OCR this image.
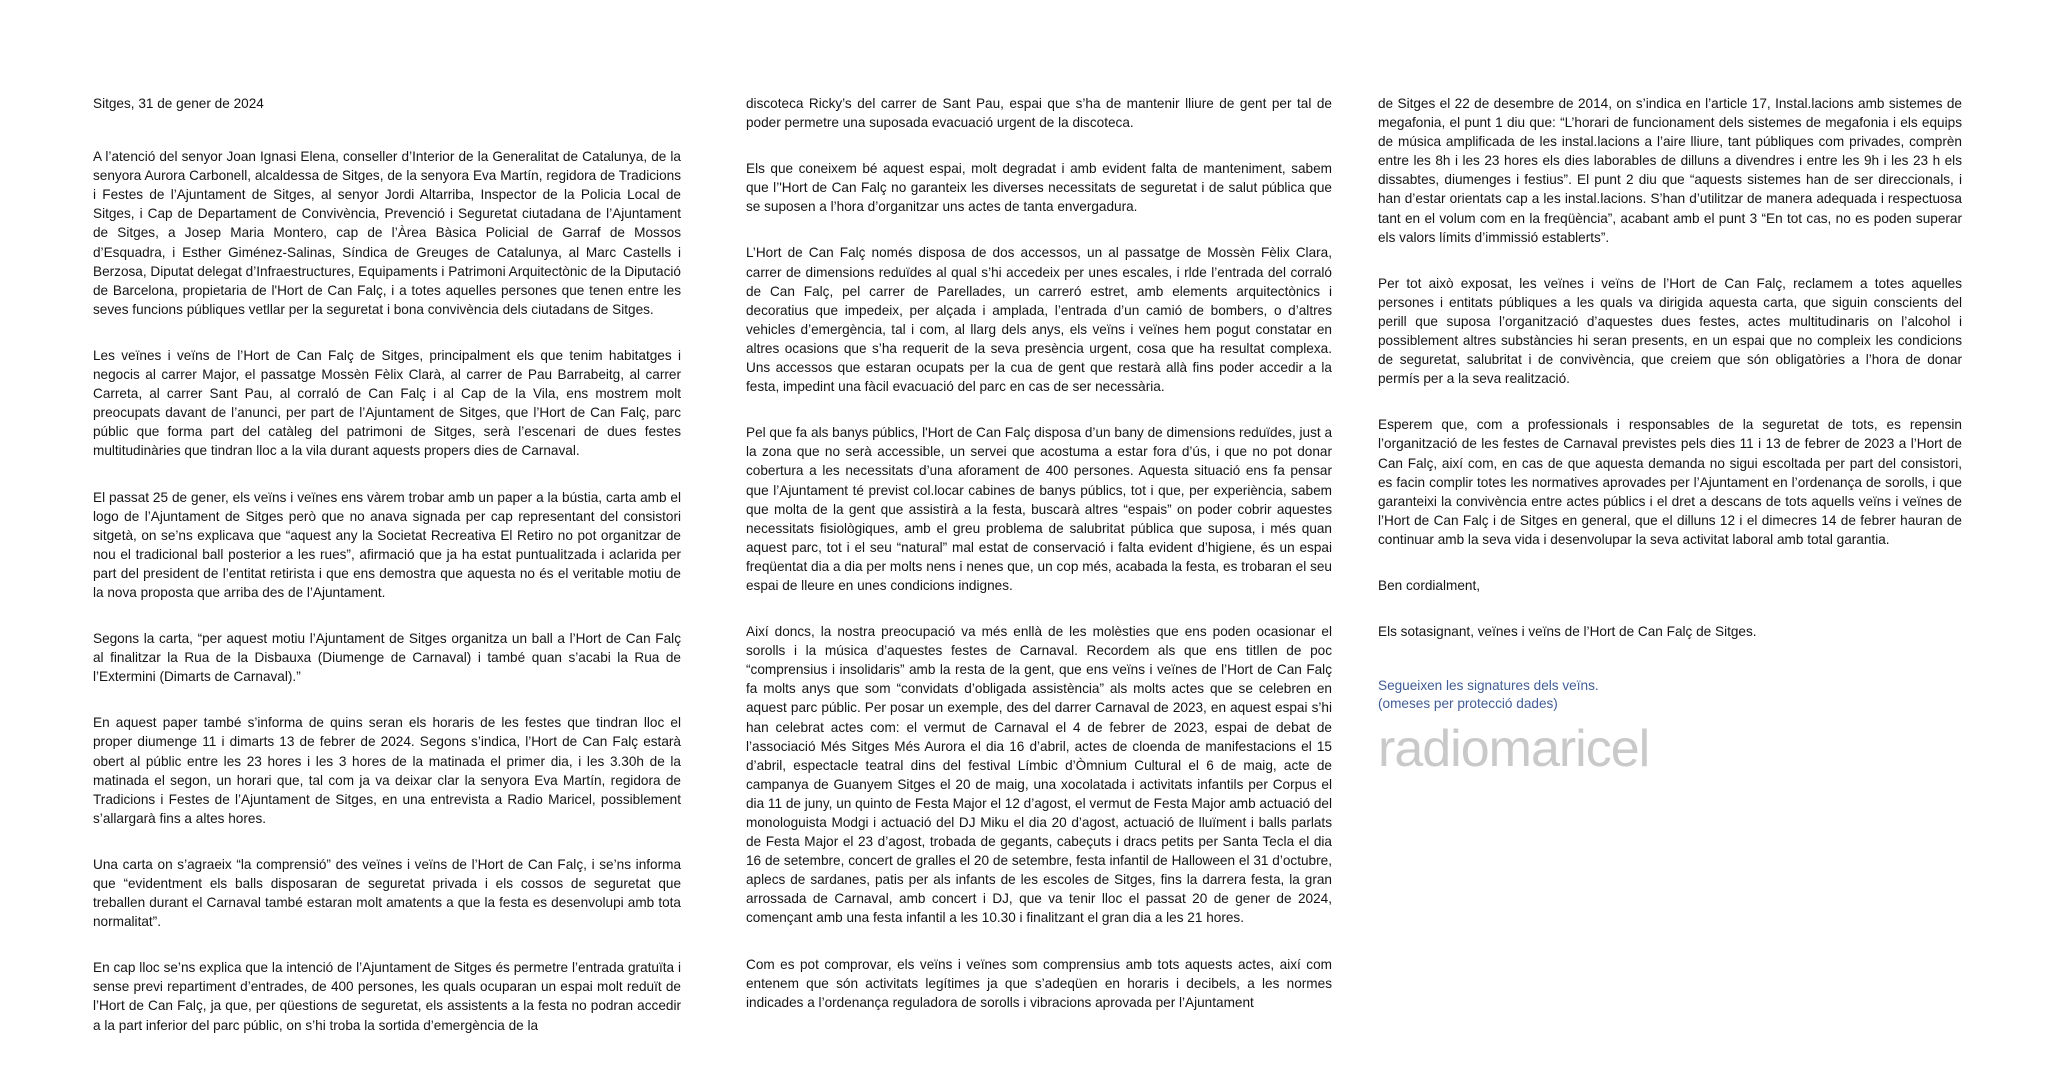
Sitges, 31 de gener de 2024

A l’atenció del senyor Joan Ignasi Elena, conseller d’Interior de la Generalitat de Catalunya, de la senyora Aurora Carbonell, alcaldessa de Sitges, de la senyora Eva Martín, regidora de Tradicions i Festes de l’Ajuntament de Sitges, al senyor Jordi Altarriba, Inspector de la Policia Local de Sitges, i Cap de Departament de Convivència, Prevenció i Seguretat ciutadana de l’Ajuntament de Sitges, a Josep Maria Montero, cap de l’Àrea Bàsica Policial de Garraf de Mossos d’Esquadra, i Esther Giménez-Salinas, Síndica de Greuges de Catalunya, al Marc Castells i Berzosa, Diputat delegat d’Infraestructures, Equipaments i Patrimoni Arquitectònic de la Diputació de Barcelona, propietaria de l'Hort de Can Falç, i a totes aquelles persones que tenen entre les seves funcions públiques vetllar per la seguretat i bona convivència dels ciutadans de Sitges.

Les veïnes i veïns de l’Hort de Can Falç de Sitges, principalment els que tenim habitatges i negocis al carrer Major, el passatge Mossèn Fèlix Clarà, al carrer de Pau Barrabeitg, al carrer Carreta, al carrer Sant Pau, al corraló de Can Falç i al Cap de la Vila, ens mostrem molt preocupats davant de l’anunci, per part de l’Ajuntament de Sitges, que l’Hort de Can Falç, parc públic que forma part del catàleg del patrimoni de Sitges, serà l’escenari de dues festes multitudinàries que tindran lloc a la vila durant aquests propers dies de Carnaval.

El passat 25 de gener, els veïns i veïnes ens vàrem trobar amb un paper a la bústia, carta amb el logo de l’Ajuntament de Sitges però que no anava signada per cap representant del consistori sitgetà, on se’ns explicava que “aquest any la Societat Recreativa El Retiro no pot organitzar de nou el tradicional ball posterior a les rues”, afirmació que ja ha estat puntualitzada i aclarida per part del president de l’entitat retirista i que ens demostra que aquesta no és el veritable motiu de la nova proposta que arriba des de l’Ajuntament.

Segons la carta, “per aquest motiu l’Ajuntament de Sitges organitza un ball a l’Hort de Can Falç al finalitzar la Rua de la Disbauxa (Diumenge de Carnaval) i també quan s’acabi la Rua de l’Extermini (Dimarts de Carnaval).”

En aquest paper també s’informa de quins seran els horaris de les festes que tindran lloc el proper diumenge 11 i dimarts 13 de febrer de 2024. Segons s’indica, l’Hort de Can Falç estarà obert al públic entre les 23 hores i les 3 hores de la matinada el primer dia, i les 3.30h de la matinada el segon, un horari que, tal com ja va deixar clar la senyora Eva Martín, regidora de Tradicions i Festes de l’Ajuntament de Sitges, en una entrevista a Radio Maricel, possiblement s’allargarà fins a altes hores.

Una carta on s’agraeix “la comprensió” des veïnes i veïns de l’Hort de Can Falç, i se’ns informa que “evidentment els balls disposaran de seguretat privada i els cossos de seguretat que treballen durant el Carnaval també estaran molt amatents a que la festa es desenvolupi amb tota normalitat”.

En cap lloc se’ns explica que la intenció de l’Ajuntament de Sitges és permetre l’entrada gratuïta i sense previ repartiment d’entrades, de 400 persones, les quals ocuparan un espai molt reduït de l’Hort de Can Falç, ja que, per qüestions de seguretat, els assistents a la festa no podran accedir a la part inferior del parc públic, on s’hi troba la sortida d’emergència de la

discoteca Ricky’s del carrer de Sant Pau, espai que s’ha de mantenir lliure de gent per tal de poder permetre una suposada evacuació urgent de la discoteca.

Els que coneixem bé aquest espai, molt degradat i amb evident falta de manteniment, sabem que l’'Hort de Can Falç no garanteix les diverses necessitats de seguretat i de salut pública que se suposen a l’hora d’organitzar uns actes de tanta envergadura.

L’Hort de Can Falç només disposa de dos accessos, un al passatge de Mossèn Fèlix Clara, carrer de dimensions reduïdes al qual s’hi accedeix per unes escales, i rlde l’entrada del corraló de Can Falç, pel carrer de Parellades, un carreró estret, amb elements arquitectònics i decoratius que impedeix, per alçada i amplada, l’entrada d’un camió de bombers, o d’altres vehicles d’emergència, tal i com, al llarg dels anys, els veïns i veïnes hem pogut constatar en altres ocasions que s’ha requerit de la seva presència urgent, cosa que ha resultat complexa. Uns accessos que estaran ocupats per la cua de gent que restarà allà fins poder accedir a la festa, impedint una fàcil evacuació del parc en cas de ser necessària.

Pel que fa als banys públics, l'Hort de Can Falç disposa d’un bany de dimensions reduïdes, just a la zona que no serà accessible, un servei que acostuma a estar fora d’ús, i que no pot donar cobertura a les necessitats d’una aforament de 400 persones. Aquesta situació ens fa pensar que l’Ajuntament té previst col.locar cabines de banys públics, tot i que, per experiència, sabem que molta de la gent que assistirà a la festa, buscarà altres “espais” on poder cobrir aquestes necessitats fisiològiques, amb el greu problema de salubritat pública que suposa, i més quan aquest parc, tot i el seu “natural” mal estat de conservació i falta evident d’higiene, és un espai freqüentat dia a dia per molts nens i nenes que, un cop més, acabada la festa, es trobaran el seu espai de lleure en unes condicions indignes.

Així doncs, la nostra preocupació va més enllà de les molèsties que ens poden ocasionar el sorolls i la música d’aquestes festes de Carnaval. Recordem als que ens titllen de poc “comprensius i insolidaris” amb la resta de la gent, que ens veïns i veïnes de l’Hort de Can Falç fa molts anys que som “convidats d’obligada assistència” als molts actes que se celebren en aquest parc públic. Per posar un exemple, des del darrer Carnaval de 2023, en aquest espai s’hi han celebrat actes com: el vermut de Carnaval el 4 de febrer de 2023, espai de debat de l’associació Més Sitges Més Aurora el dia 16 d’abril, actes de cloenda de manifestacions el 15 d’abril, espectacle teatral dins del festival Límbic d’Òmnium Cultural el 6 de maig, acte de campanya de Guanyem Sitges el 20 de maig, una xocolatada i activitats infantils per Corpus el dia 11 de juny, un quinto de Festa Major el 12 d’agost, el vermut de Festa Major amb actuació del monologuista Modgi i actuació del DJ Miku el dia 20 d’agost, actuació de lluïment i balls parlats de Festa Major el 23 d’agost, trobada de gegants, cabeçuts i dracs petits per Santa Tecla el dia 16 de setembre, concert de gralles el 20 de setembre, festa infantil de Halloween el 31 d’octubre, aplecs de sardanes, patis per als infants de les escoles de Sitges, fins la darrera festa, la gran arrossada de Carnaval, amb concert i DJ, que va tenir lloc el passat 20 de gener de 2024, començant amb una festa infantil a les 10.30 i finalitzant el gran dia a les 21 hores.

Com es pot comprovar, els veïns i veïnes som comprensius amb tots aquests actes, així com entenem que són activitats legítimes ja que s’adeqüen en horaris i decibels, a les normes indicades a l’ordenança reguladora de sorolls i vibracions aprovada per l’Ajuntament

de Sitges el 22 de desembre de 2014, on s’indica en l’article 17, Instal.lacions amb sistemes de megafonia, el punt 1 diu que: “L’horari de funcionament dels sistemes de megafonia i els equips de música amplificada de les instal.lacions a l’aire lliure, tant públiques com privades, comprèn entre les 8h i les 23 hores els dies laborables de dilluns a divendres i entre les 9h i les 23 h els dissabtes, diumenges i festius”. El punt 2 diu que “aquests sistemes han de ser direccionals, i han d’estar orientats cap a les instal.lacions. S’han d’utilitzar de manera adequada i respectuosa tant en el volum com en la freqüència”, acabant amb el punt 3 “En tot cas, no es poden superar els valors límits d’immissió establerts”.

Per tot això exposat, les veïnes i veïns de l’Hort de Can Falç, reclamem a totes aquelles persones i entitats públiques a les quals va dirigida aquesta carta, que siguin conscients del perill que suposa l’organització d’aquestes dues festes, actes multitudinaris on l’alcohol i possiblement altres substàncies hi seran presents, en un espai que no compleix les condicions de seguretat, salubritat i de convivència, que creiem que són obligatòries a l’hora de donar permís per a la seva realització.

Esperem que, com a professionals i responsables de la seguretat de tots, es repensin l’organització de les festes de Carnaval previstes pels dies 11 i 13 de febrer de 2023 a l’Hort de Can Falç, així com, en cas de que aquesta demanda no sigui escoltada per part del consistori, es facin complir totes les normatives aprovades per l’Ajuntament en l’ordenança de sorolls, i que garanteixi la convivència entre actes públics i el dret a descans de tots aquells veïns i veïnes de l’Hort de Can Falç i de Sitges en general, que el dilluns 12 i el dimecres 14 de febrer hauran de continuar amb la seva vida i desenvolupar la seva activitat laboral amb total garantia.

Ben cordialment,

Els sotasignant, veïnes i veïns de l’Hort de Can Falç de Sitges.

Segueixen les signatures dels veïns.
(omeses per protecció dades)
radiomaricel
